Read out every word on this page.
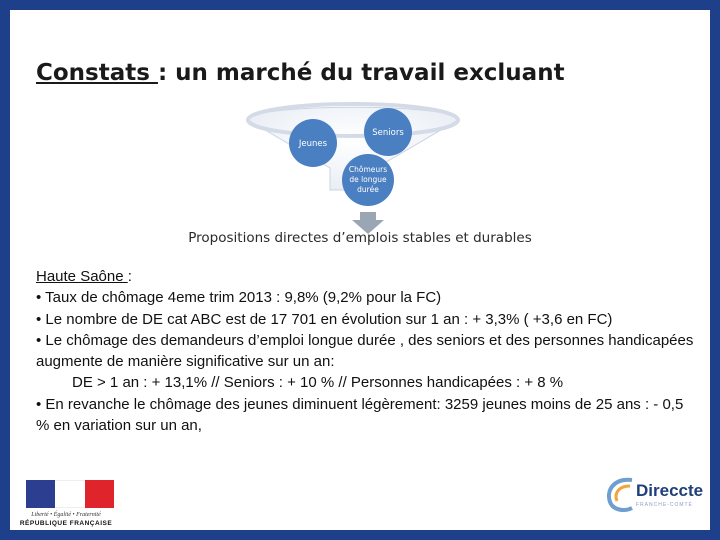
Constats : un marché du travail excluant
Jeunes
Seniors
Chômeurs
de longue
durée
Propositions directes d’emplois stables et durables

Haute Saône :

• Taux de chômage 4eme trim 2013 : 9,8% (9,2% pour la FC)

• Le nombre de DE cat ABC est de 17 701 en évolution sur 1 an : + 3,3% ( +3,6 en FC)

• Le chômage des demandeurs d’emploi longue durée , des seniors et des personnes handicapées augmente de manière significative sur un an:

DE > 1 an : + 13,1% // Seniors : + 10 % // Personnes handicapées : + 8 %

• En revanche le chômage des jeunes diminuent légèrement: 3259 jeunes moins de 25 ans : - 0,5 % en variation sur un an,

Liberté • Égalité • Fraternité
RÉPUBLIQUE FRANÇAISE
Direccte
FRANCHE-COMTÉ
